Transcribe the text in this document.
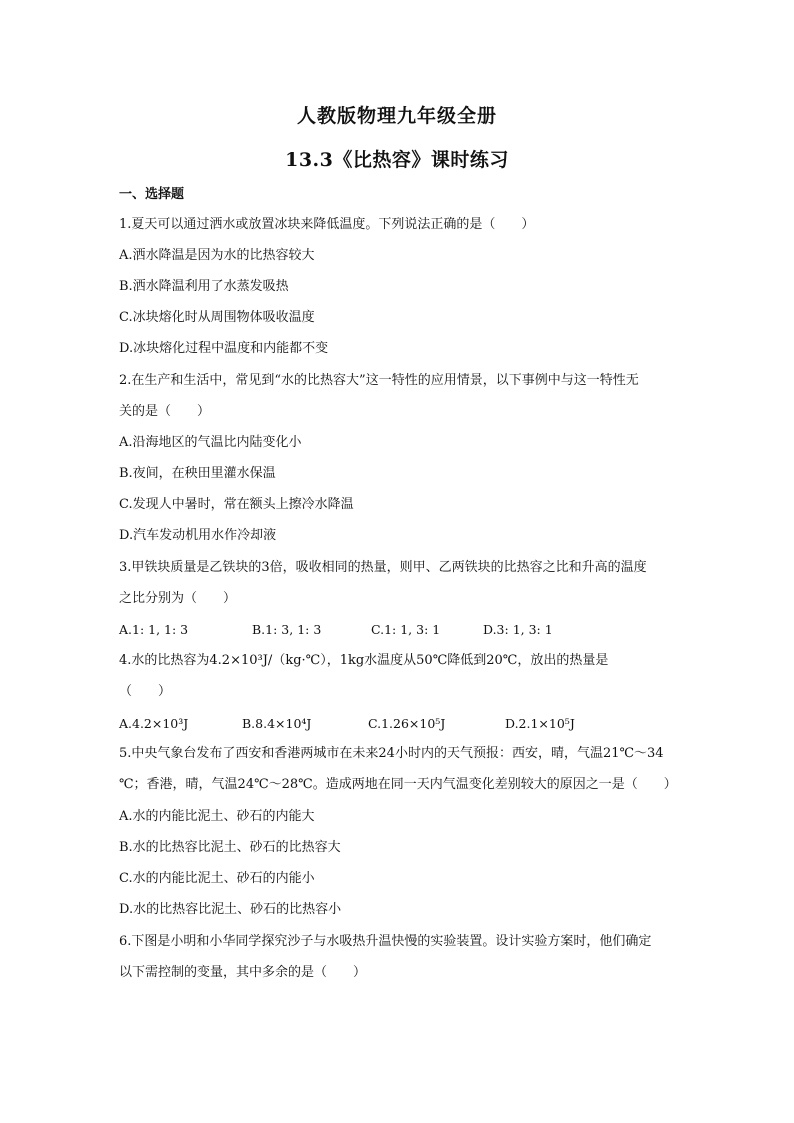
人教版物理九年级全册
13.3《比热容》课时练习
一、选择题
1.夏天可以通过洒水或放置冰块来降低温度。下列说法正确的是（　　）
A.洒水降温是因为水的比热容较大
B.洒水降温利用了水蒸发吸热
C.冰块熔化时从周围物体吸收温度
D.冰块熔化过程中温度和内能都不变
2.在生产和生活中，常见到“水的比热容大”这一特性的应用情景，以下事例中与这一特性无
关的是（　　）
A.沿海地区的气温比内陆变化小
B.夜间，在秧田里灌水保温
C.发现人中暑时，常在额头上擦冷水降温
D.汽车发动机用水作冷却液
3.甲铁块质量是乙铁块的3倍，吸收相同的热量，则甲、乙两铁块的比热容之比和升高的温度
之比分别为（　　）
A.1: 1, 1: 3	B.1: 3, 1: 3	C.1: 1, 3: 1	D.3: 1, 3: 1
4.水的比热容为4.2×10³J/（kg·℃），1kg水温度从50℃降低到20℃，放出的热量是
（　　）
A.4.2×10³J	B.8.4×10⁴J	C.1.26×10⁵J	D.2.1×10⁵J
5.中央气象台发布了西安和香港两城市在未来24小时内的天气预报：西安，晴，气温21℃～34
℃；香港，晴，气温24℃～28℃。造成两地在同一天内气温变化差别较大的原因之一是（　　）
A.水的内能比泥土、砂石的内能大
B.水的比热容比泥土、砂石的比热容大
C.水的内能比泥土、砂石的内能小
D.水的比热容比泥土、砂石的比热容小
6.下图是小明和小华同学探究沙子与水吸热升温快慢的实验装置。设计实验方案时，他们确定
以下需控制的变量，其中多余的是（　　）
